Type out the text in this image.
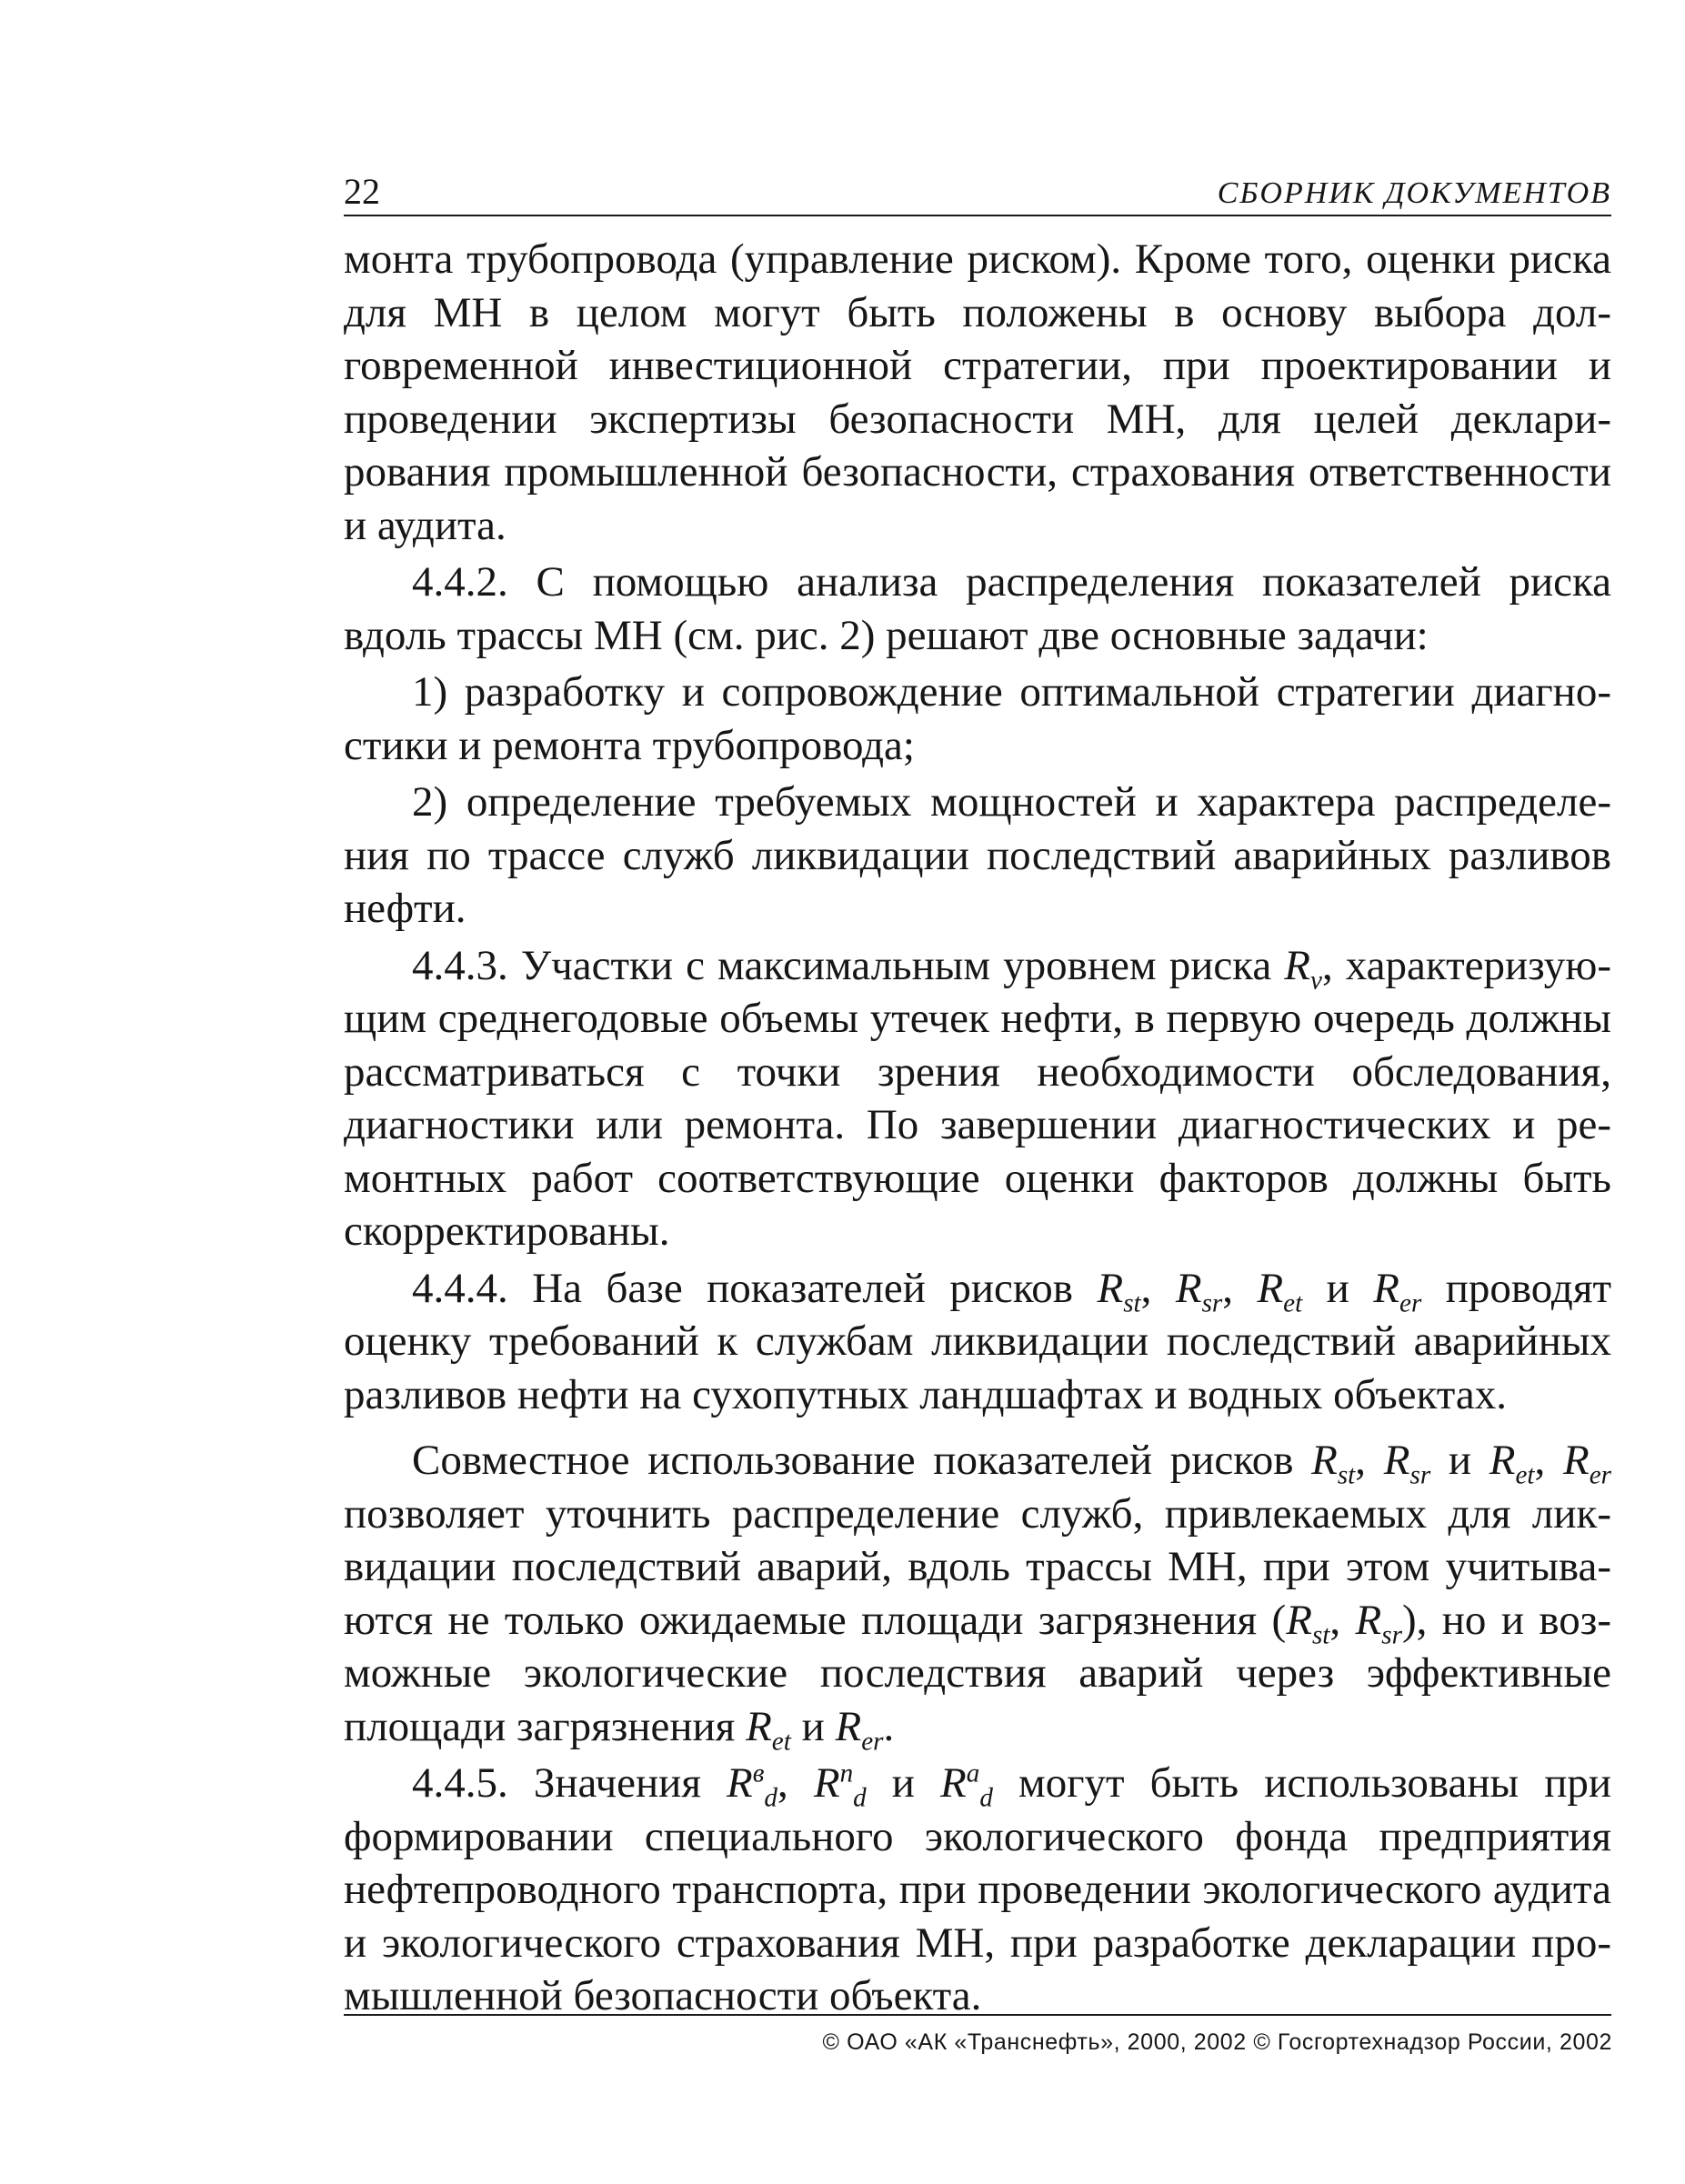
22	СБОРНИК ДОКУМЕНТОВ

монта трубопровода (управление риском). Кроме того, оценки риска для МН в целом могут быть положены в основу выбора долговременной инвестиционной стратегии, при проектировании и проведении экспертизы безопасности МН, для целей декларирования промышленной безопасности, страхования ответственности и аудита.

4.4.2. С помощью анализа распределения показателей риска вдоль трассы МН (см. рис. 2) решают две основные задачи:

1) разработку и сопровождение оптимальной стратегии диагностики и ремонта трубопровода;

2) определение требуемых мощностей и характера распределения по трассе служб ликвидации последствий аварийных разливов нефти.

4.4.3. Участки с максимальным уровнем риска $R_v$, характеризующим среднегодовые объемы утечек нефти, в первую очередь должны рассматриваться с точки зрения необходимости обследования, диагностики или ремонта. По завершении диагностических и ремонтных работ соответствующие оценки факторов должны быть скорректированы.

4.4.4. На базе показателей рисков $R_{st}$, $R_{sr}$, $R_{et}$ и $R_{er}$ проводят оценку требований к службам ликвидации последствий аварийных разливов нефти на сухопутных ландшафтах и водных объектах.

Совместное использование показателей рисков $R_{st}$, $R_{sr}$ и $R_{et}$, $R_{er}$ позволяет уточнить распределение служб, привлекаемых для ликвидации последствий аварий, вдоль трассы МН, при этом учитываются не только ожидаемые площади загрязнения ($R_{st}$, $R_{sr}$), но и возможные экологические последствия аварий через эффективные площади загрязнения $R_{et}$ и $R_{er}$.

4.4.5. Значения $R^в_d$, $R^п_d$ и $R^а_d$ могут быть использованы при формировании специального экологического фонда предприятия нефтепроводного транспорта, при проведении экологического аудита и экологического страхования МН, при разработке декларации промышленной безопасности объекта.

© ОАО «АК «Транснефть», 2000, 2002 © Госгортехнадзор России, 2002
